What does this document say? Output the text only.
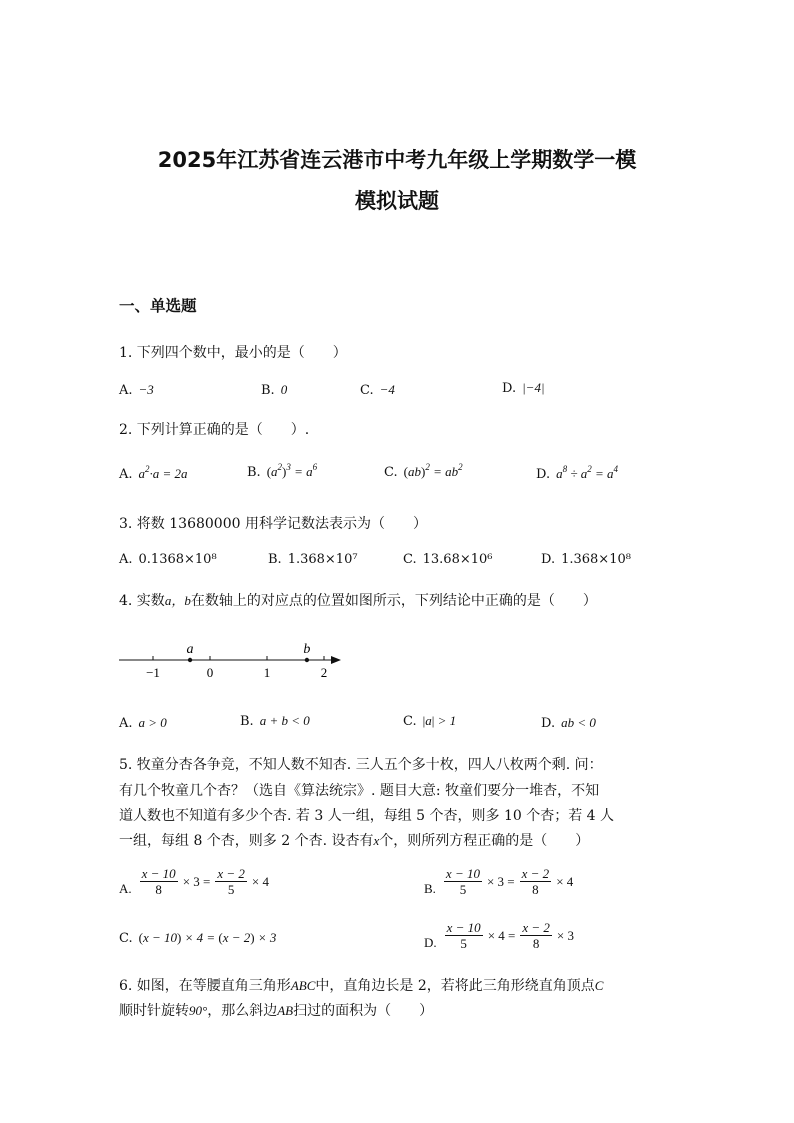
2025年江苏省连云港市中考九年级上学期数学一模
模拟试题
一、单选题
1. 下列四个数中，最小的是（　　）
A. −3	B. 0	C. −4	D. |−4|
2. 下列计算正确的是（　　）.
A. $a^2\cdot a = 2a$	B. $(a^2)^3 = a^6$	C. $(ab)^2 = ab^2$	D. $a^8 \div a^2 = a^4$
3. 将数 13680000 用科学记数法表示为（　　）
A. 0.1368×10⁸	B. 1.368×10⁷	C. 13.68×10⁶	D. 1.368×10⁸
4. 实数a，b在数轴上的对应点的位置如图所示，下列结论中正确的是（　　）
−1	0	1	2
a	b
A. a > 0	B. a + b < 0	C. |a| > 1	D. ab < 0
5. 牧童分杏各争竞，不知人数不知杏. 三人五个多十枚，四人八枚两个剩. 问：
有几个牧童几个杏？（选自《算法统宗》. 题目大意: 牧童们要分一堆杏，不知
道人数也不知道有多少个杏. 若 3 人一组，每组 5 个杏，则多 10 个杏；若 4 人
一组，每组 8 个杏，则多 2 个杏. 设杏有x个，则所列方程正确的是（　　）
A. $\frac{x - 10}{8} \times 3 = \frac{x - 2}{5} \times 4$	B. $\frac{x - 10}{5} \times 3 = \frac{x - 2}{8} \times 4$
C. (x − 10) × 4 = (x − 2) × 3	D. $\frac{x - 10}{5} \times 4 = \frac{x - 2}{8} \times 3$
6. 如图，在等腰直角三角形ABC中，直角边长是 2，若将此三角形绕直角顶点C
顺时针旋转90°，那么斜边AB扫过的面积为（　　）
